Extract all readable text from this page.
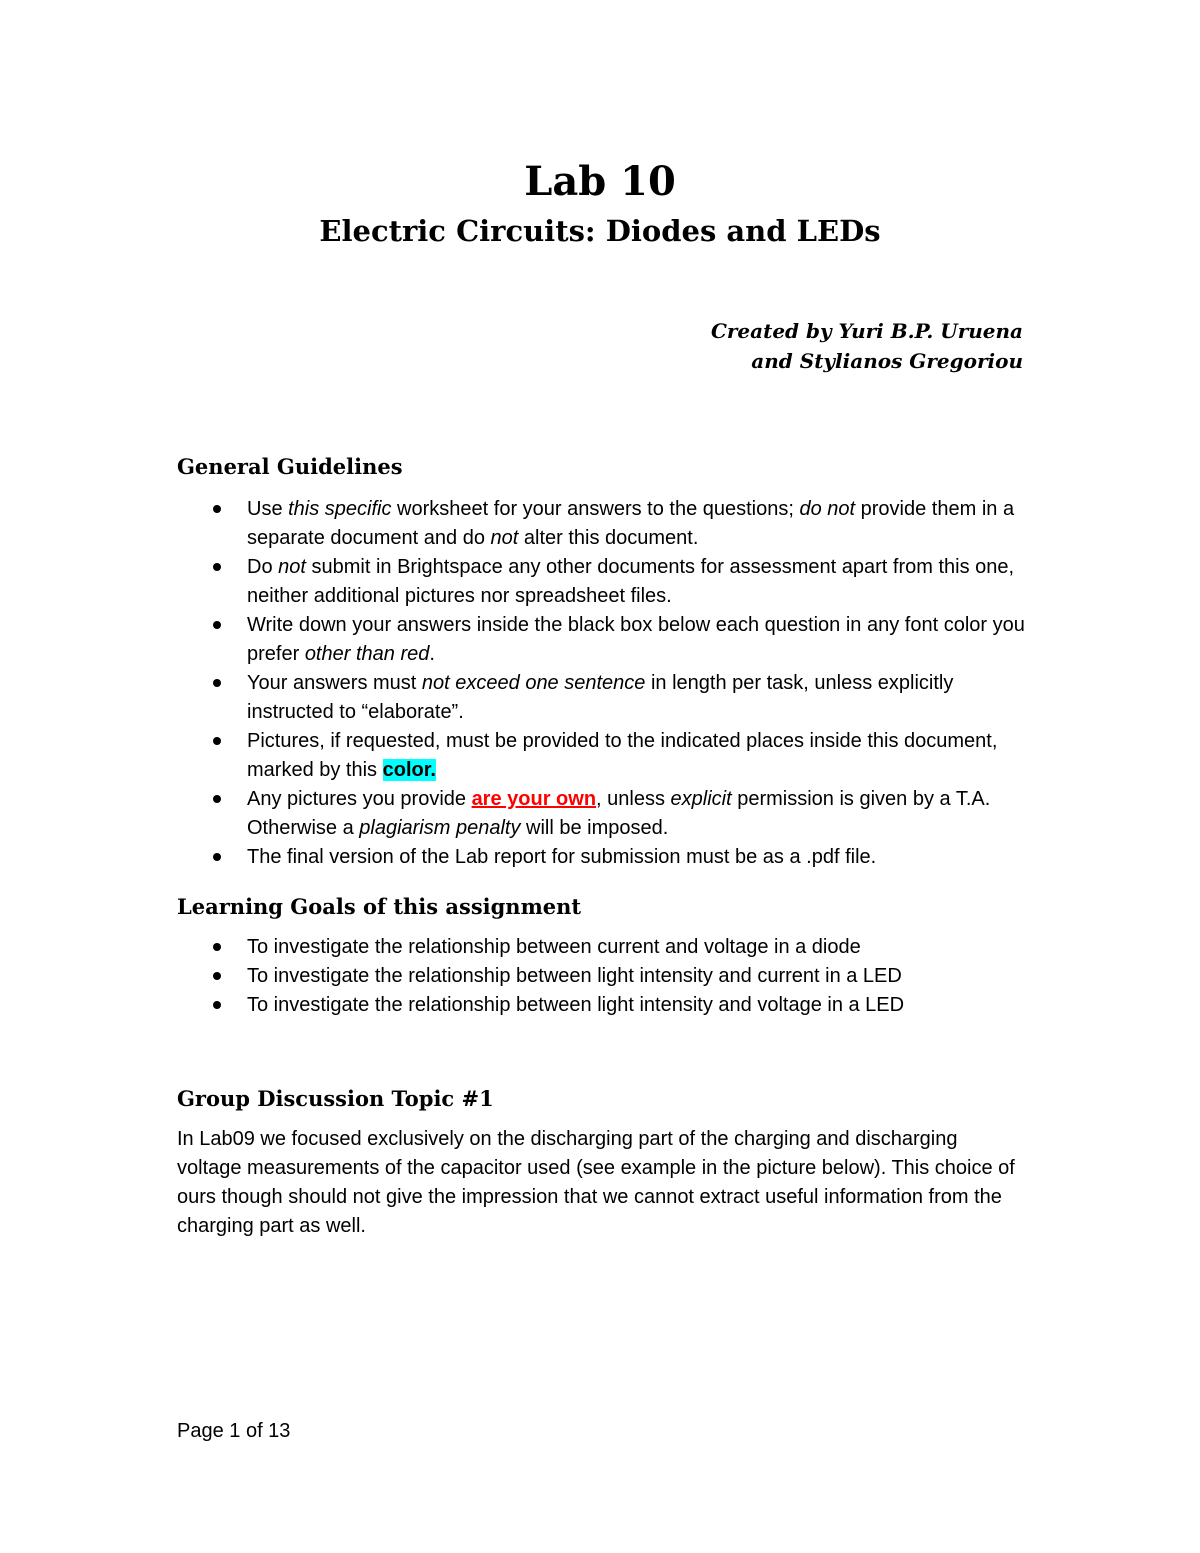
Lab 10
Electric Circuits: Diodes and LEDs
Created by Yuri B.P. Uruena
and Stylianos Gregoriou
General Guidelines
Use this specific worksheet for your answers to the questions; do not provide them in a separate document and do not alter this document.
Do not submit in Brightspace any other documents for assessment apart from this one, neither additional pictures nor spreadsheet files.
Write down your answers inside the black box below each question in any font color you prefer other than red.
Your answers must not exceed one sentence in length per task, unless explicitly instructed to “elaborate”.
Pictures, if requested, must be provided to the indicated places inside this document, marked by this color.
Any pictures you provide are your own, unless explicit permission is given by a T.A. Otherwise a plagiarism penalty will be imposed.
The final version of the Lab report for submission must be as a .pdf file.
Learning Goals of this assignment
To investigate the relationship between current and voltage in a diode
To investigate the relationship between light intensity and current in a LED
To investigate the relationship between light intensity and voltage in a LED
Group Discussion Topic #1

In Lab09 we focused exclusively on the discharging part of the charging and discharging voltage measurements of the capacitor used (see example in the picture below). This choice of ours though should not give the impression that we cannot extract useful information from the charging part as well.

Page 1 of 13
